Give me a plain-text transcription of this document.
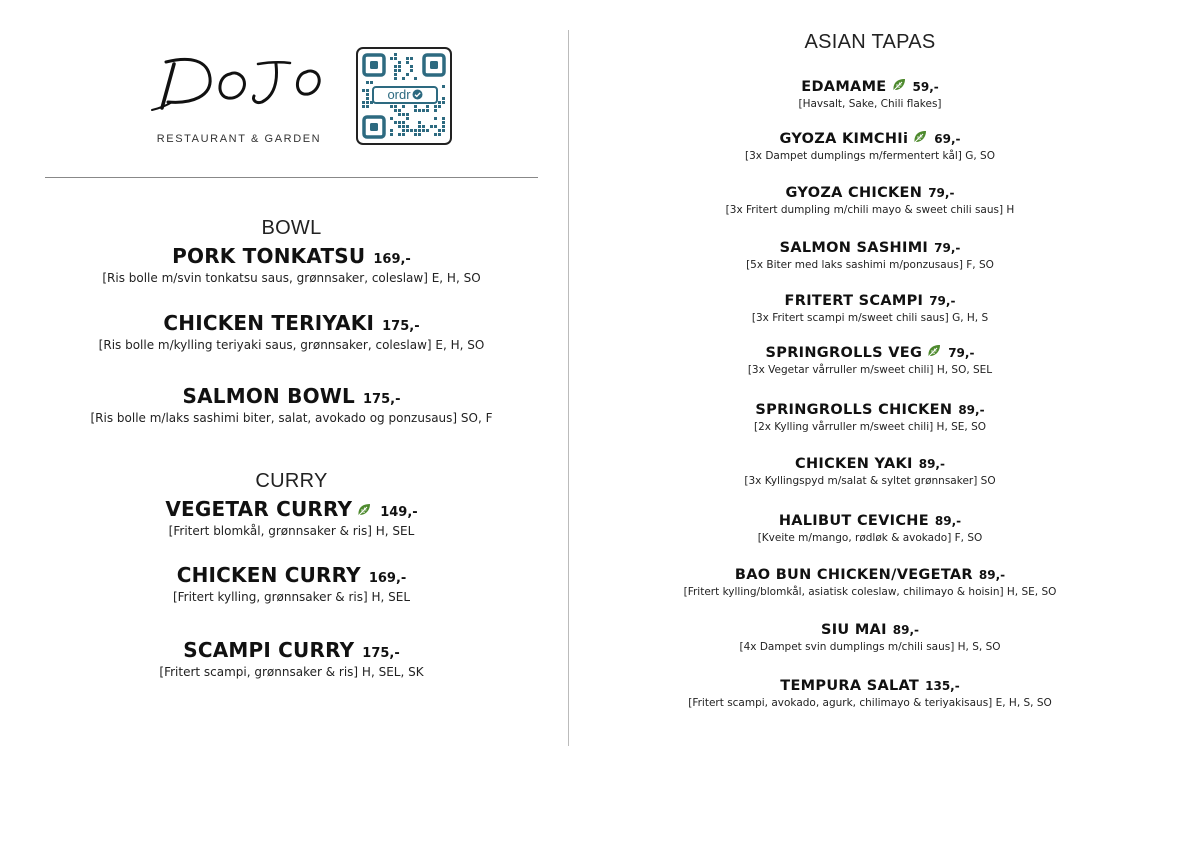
RESTAURANT & GARDEN
ordr
BOWL
PORK TONKATSU 169,-
[Ris bolle m/svin tonkatsu saus, grønnsaker, coleslaw] E, H, SO
CHICKEN TERIYAKI 175,-
[Ris bolle m/kylling teriyaki saus, grønnsaker, coleslaw] E, H, SO
SALMON BOWL 175,-
[Ris bolle m/laks sashimi biter, salat, avokado og ponzusaus] SO, F
CURRY
VEGETAR CURRY 149,-
[Fritert blomkål, grønnsaker & ris] H, SEL
CHICKEN CURRY 169,-
[Fritert kylling, grønnsaker & ris] H, SEL
SCAMPI CURRY 175,-
[Fritert scampi, grønnsaker & ris] H, SEL, SK
ASIAN TAPAS
EDAMAME 59,-
[Havsalt, Sake, Chili flakes]
GYOZA KIMCHIi 69,-
[3x Dampet dumplings m/fermentert kål] G, SO
GYOZA CHICKEN 79,-
[3x Fritert dumpling m/chili mayo & sweet chili saus] H
SALMON SASHIMI 79,-
[5x Biter med laks sashimi m/ponzusaus] F, SO
FRITERT SCAMPI 79,-
[3x Fritert scampi m/sweet chili saus] G, H, S
SPRINGROLLS VEG 79,-
[3x Vegetar vårruller m/sweet chili] H, SO, SEL
SPRINGROLLS CHICKEN 89,-
[2x Kylling vårruller m/sweet chili] H, SE, SO
CHICKEN YAKI 89,-
[3x Kyllingspyd m/salat & syltet grønnsaker] SO
HALIBUT CEVICHE 89,-
[Kveite m/mango, rødløk & avokado] F, SO
BAO BUN CHICKEN/VEGETAR 89,-
[Fritert kylling/blomkål, asiatisk coleslaw, chilimayo & hoisin] H, SE, SO
SIU MAI 89,-
[4x Dampet svin dumplings m/chili saus] H, S, SO
TEMPURA SALAT 135,-
[Fritert scampi, avokado, agurk, chilimayo & teriyakisaus] E, H, S, SO
